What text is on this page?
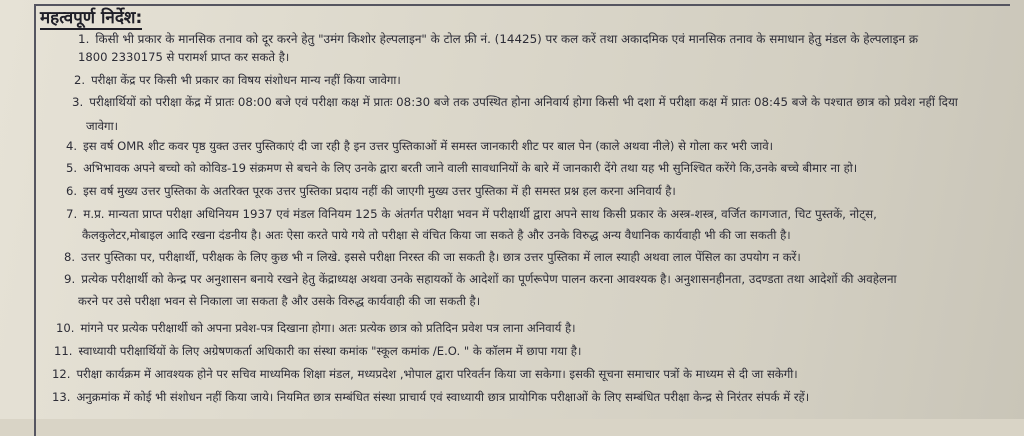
महत्वपूर्ण निर्देश:
1. किसी भी प्रकार के मानसिक तनाव को दूर करने हेतु "उमंग किशोर हेल्पलाइन" के टोल फ्री नं. (14425) पर कल करें तथा अकादमिक एवं मानसिक तनाव के समाधान हेतु मंडल के हेल्पलाइन क्र
1800 2330175 से परामर्श प्राप्त कर सकते है।
2. परीक्षा केंद्र पर किसी भी प्रकार का विषय संशोधन मान्य नहीं किया जावेगा।
3. परीक्षार्थियों को परीक्षा केंद्र में प्रातः 08:00 बजे एवं परीक्षा कक्ष में प्रातः 08:30 बजे तक उपस्थित होना अनिवार्य होगा किसी भी दशा में परीक्षा कक्ष में प्रातः 08:45 बजे के पश्चात छात्र को प्रवेश नहीं दिया
जावेगा।
4. इस वर्ष OMR शीट कवर पृष्ठ युक्त उत्तर पुस्तिकाएं दी जा रही है इन उत्तर पुस्तिकाओं में समस्त जानकारी शीट पर बाल पेन (काले अथवा नीले) से गोला कर भरी जावे।
5. अभिभावक अपने बच्चो को कोविड-19 संक्रमण से बचने के लिए उनके द्वारा बरती जाने वाली सावधानियों के बारे में जानकारी देंगे तथा यह भी सुनिश्चित करेंगे कि,उनके बच्चे बीमार ना हो।
6. इस वर्ष मुख्य उत्तर पुस्तिका के अतरिक्त पूरक उत्तर पुस्तिका प्रदाय नहीं की जाएगी मुख्य उत्तर पुस्तिका में ही समस्त प्रश्न हल करना अनिवार्य है।
7. म.प्र. मान्यता प्राप्त परीक्षा अधिनियम 1937 एवं मंडल विनियम 125 के अंतर्गत परीक्षा भवन में परीक्षार्थी द्वारा अपने साथ किसी प्रकार के अस्त्र-शस्त्र, वर्जित कागजात, चिट पुस्तकें, नोट्स,
कैलकुलेटर,मोबाइल आदि रखना दंडनीय है। अतः ऐसा करते पाये गये तो परीक्षा से वंचित किया जा सकते है और उनके विरुद्ध अन्य वैधानिक कार्यवाही भी की जा सकती है।
8. उत्तर पुस्तिका पर, परीक्षार्थी, परीक्षक के लिए कुछ भी न लिखे. इससे परीक्षा निरस्त की जा सकती है। छात्र उत्तर पुस्तिका में लाल स्याही अथवा लाल पेंसिल का उपयोग न करें।
9. प्रत्येक परीक्षार्थी को केन्द्र पर अनुशासन बनाये रखने हेतु केंद्राध्यक्ष अथवा उनके सहायकों के आदेशों का पूर्णरूपेण पालन करना आवश्यक है। अनुशासनहीनता, उदण्डता तथा आदेशों की अवहेलना
करने पर उसे परीक्षा भवन से निकाला जा सकता है और उसके विरुद्ध कार्यवाही की जा सकती है।
10. मांगने पर प्रत्येक परीक्षार्थी को अपना प्रवेश-पत्र दिखाना होगा। अतः प्रत्येक छात्र को प्रतिदिन प्रवेश पत्र लाना अनिवार्य है।
11. स्वाध्यायी परीक्षार्थियों के लिए अग्रेषणकर्ता अधिकारी का संस्था कमांक "स्कूल कमांक /E.O. " के कॉलम में छापा गया है।
12. परीक्षा कार्यक्रम में आवश्यक होने पर सचिव माध्यमिक शिक्षा मंडल, मध्यप्रदेश ,भोपाल द्वारा परिवर्तन किया जा सकेगा। इसकी सूचना समाचार पत्रों के माध्यम से दी जा सकेगी।
13. अनुक्रमांक में कोई भी संशोधन नहीं किया जाये। नियमित छात्र सम्बंधित संस्था प्राचार्य एवं स्वाध्यायी छात्र प्रायोगिक परीक्षाओं के लिए सम्बंधित परीक्षा केन्द्र से निरंतर संपर्क में रहें।
